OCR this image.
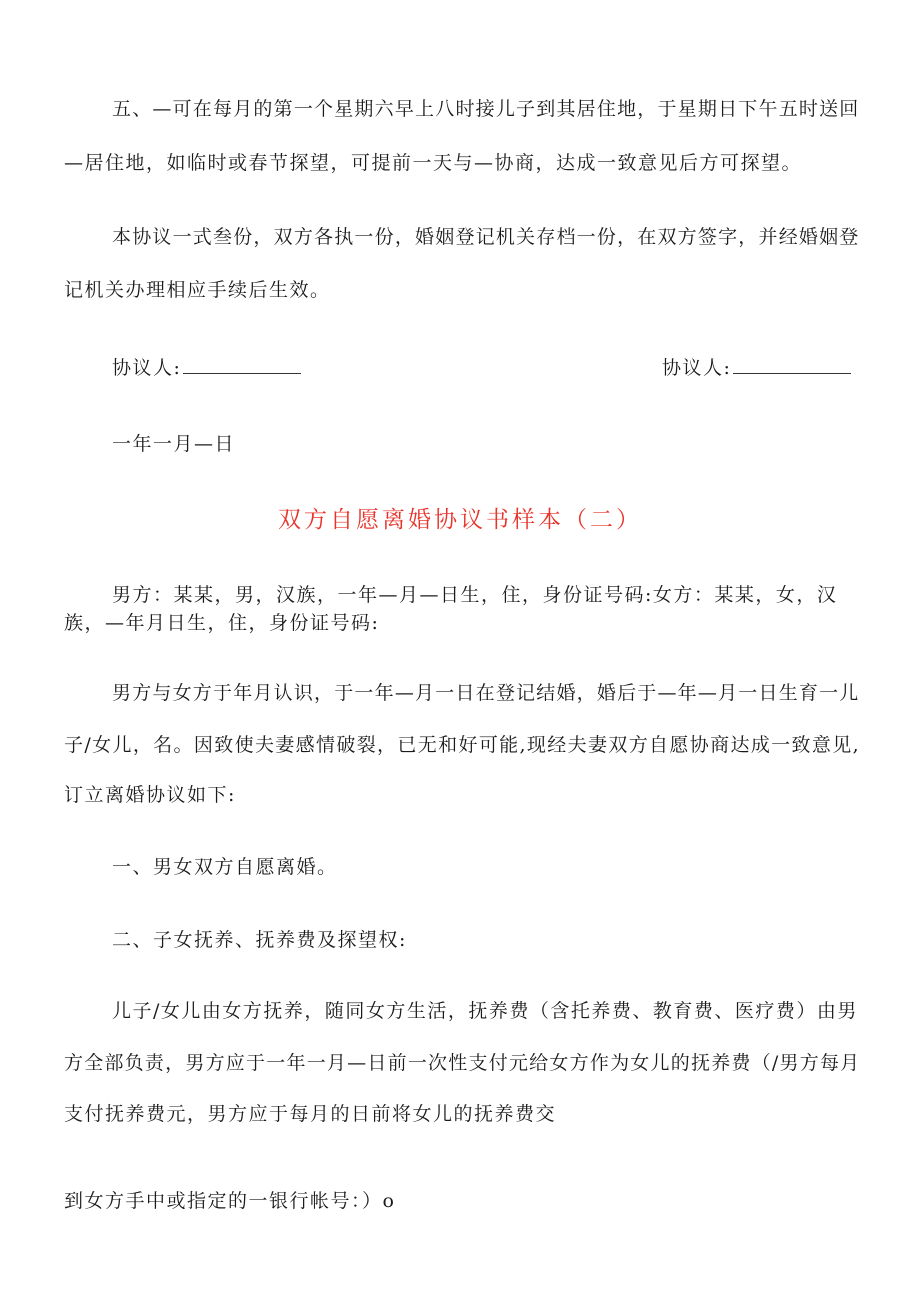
五、—可在每月的第一个星期六早上八时接儿子到其居住地，于星期日下午五时送回
—居住地，如临时或春节探望，可提前一天与—协商，达成一致意见后方可探望。
本协议一式叁份，双方各执一份，婚姻登记机关存档一份，在双方签字，并经婚姻登
记机关办理相应手续后生效。
协议人:	协议人:
一年一月—日
双方自愿离婚协议书样本（二）
男方：某某，男，汉族，一年—月—日生，住，身份证号码:女方：某某，女，汉
族，—年月日生，住，身份证号码:
男方与女方于年月认识，于一年—月一日在登记结婚，婚后于—年—月一日生育一儿
子/女儿，名。因致使夫妻感情破裂，已无和好可能,现经夫妻双方自愿协商达成一致意见,
订立离婚协议如下:
一、男女双方自愿离婚。
二、子女抚养、抚养费及探望权:
儿子/女儿由女方抚养，随同女方生活，抚养费（含托养费、教育费、医疗费）由男
方全部负责，男方应于一年一月—日前一次性支付元给女方作为女儿的抚养费（/男方每月
支付抚养费元，男方应于每月的日前将女儿的抚养费交
到女方手中或指定的一银行帐号：）o
